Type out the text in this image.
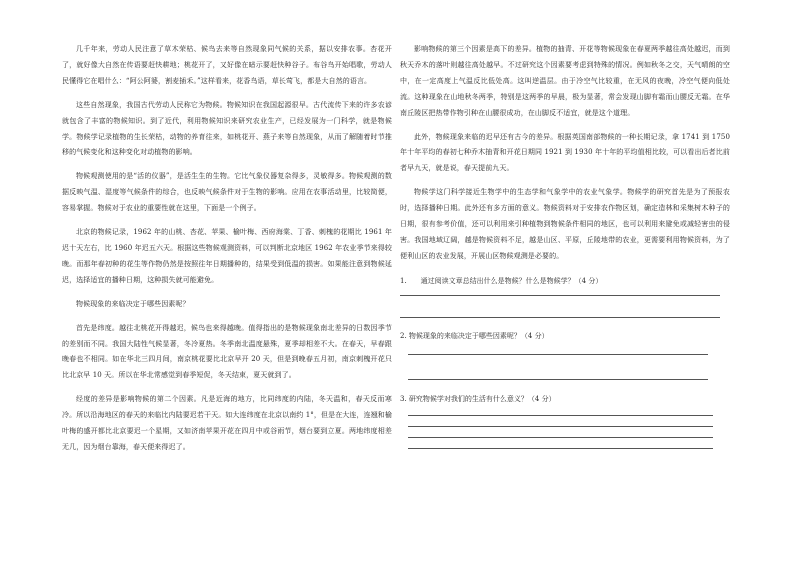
几千年来，劳动人民注意了草木荣枯、候鸟去来等自然现象同气候的关系，据以安排农事。杏花开了，就好像大自然在传语要赶快耕地；桃花开了，又好像在暗示要赶快种谷子。布谷鸟开始唱歌，劳动人民懂得它在唱什么：“阿公阿婆，割麦插禾。”这样看来，花香鸟语，草长莺飞，都是大自然的语言。

这些自然现象，我国古代劳动人民称它为物候。物候知识在我国起源很早。古代流传下来的许多农谚就包含了丰富的物候知识。到了近代，利用物候知识来研究农业生产，已经发展为一门科学，就是物候学。物候学记录植物的生长荣枯，动物的养育往来，如桃花开、燕子来等自然现象，从而了解随着时节推移的气候变化和这种变化对动植物的影响。

物候观测使用的是“活的仪器”，是活生生的生物。它比气象仪器复杂得多，灵敏得多。物候观测的数据反映气温、湿度等气候条件的综合，也反映气候条件对于生物的影响。应用在农事活动里，比较简便，容易掌握。物候对于农业的重要性就在这里，下面是一个例子。

北京的物候记录，1962 年的山桃、杏花、苹果、榆叶梅、西府海棠、丁香、刺槐的花期比 1961 年迟十天左右，比 1960 年迟五六天。根据这些物候观测资料，可以判断北京地区 1962 年农业季节来得较晚。而那年春初种的花生等作物仍然是按照往年日期播种的，结果受到低温的损害。如果能注意到物候延迟，选择适宜的播种日期，这种损失就可能避免。

物候现象的来临决定于哪些因素呢？

首先是纬度。越往北桃花开得越迟，候鸟也来得越晚。值得指出的是物候现象南北差异的日数因季节的差别而不同。我国大陆性气候显著，冬冷夏热。冬季南北温度悬殊，夏季却相差不大。在春天，早春跟晚春也不相同。如在华北三四月间，南京桃花要比北京早开 20 天，但是到晚春五月初，南京刺槐开花只比北京早 10 天。所以在华北常感觉到春季短促，冬天结束，夏天就到了。

经度的差异是影响物候的第二个因素。凡是近海的地方，比同纬度的内陆，冬天温和，春天反而寒冷。所以沿海地区的春天的来临比内陆要迟若干天。如大连纬度在北京以南约 1°，但是在大连，连翘和榆叶梅的盛开都比北京要迟一个星期，又如济南苹果开花在四月中或谷雨节，烟台要到立夏。两地纬度相差无几，因为烟台靠海，春天便来得迟了。

影响物候的第三个因素是高下的差异。植物的抽青、开花等物候现象在春夏两季越往高处越迟，而到秋天乔木的落叶则越往高处越早。不过研究这个因素要考虑到特殊的情况。例如秋冬之交，天气晴朗的空中，在一定高度上气温反比低处高。这叫逆温层。由于冷空气比较重，在无风的夜晚，冷空气便向低处流。这种现象在山地秋冬两季，特别是这两季的早晨，极为显著，常会发现山脚有霜而山腰反无霜。在华南丘陵区把热带作物引种在山腰很成功，在山脚反不适宜，就是这个道理。

此外，物候现象来临的迟早还有古今的差异。根据英国南部物候的一种长期记录，拿 1741 到 1750 年十年平均的春初七种乔木抽青和开花日期同 1921 到 1930 年十年的平均值相比较，可以看出后者比前者早九天，就是说，春天提前九天。

物候学这门科学接近生物学中的生态学和气象学中的农业气象学。物候学的研究首先是为了预报农时，选择播种日期。此外还有多方面的意义。物候资料对于安排农作物区划，确定造林和采集树木种子的日期，很有参考价值，还可以利用来引种植物到物候条件相同的地区，也可以利用来避免或减轻害虫的侵害。我国地域辽阔，越是物候资料不足，越是山区、平原，丘陵地带的农业，更需要利用物候资料，为了便利山区的农业发展，开展山区物候观测是必要的。

1.　　通过阅读文章总结出什么是物候？什么是物候学？（4 分）

2. 物候现象的来临决定于哪些因素呢？（4 分）

3. 研究物候学对我们的生活有什么意义？（4 分）
